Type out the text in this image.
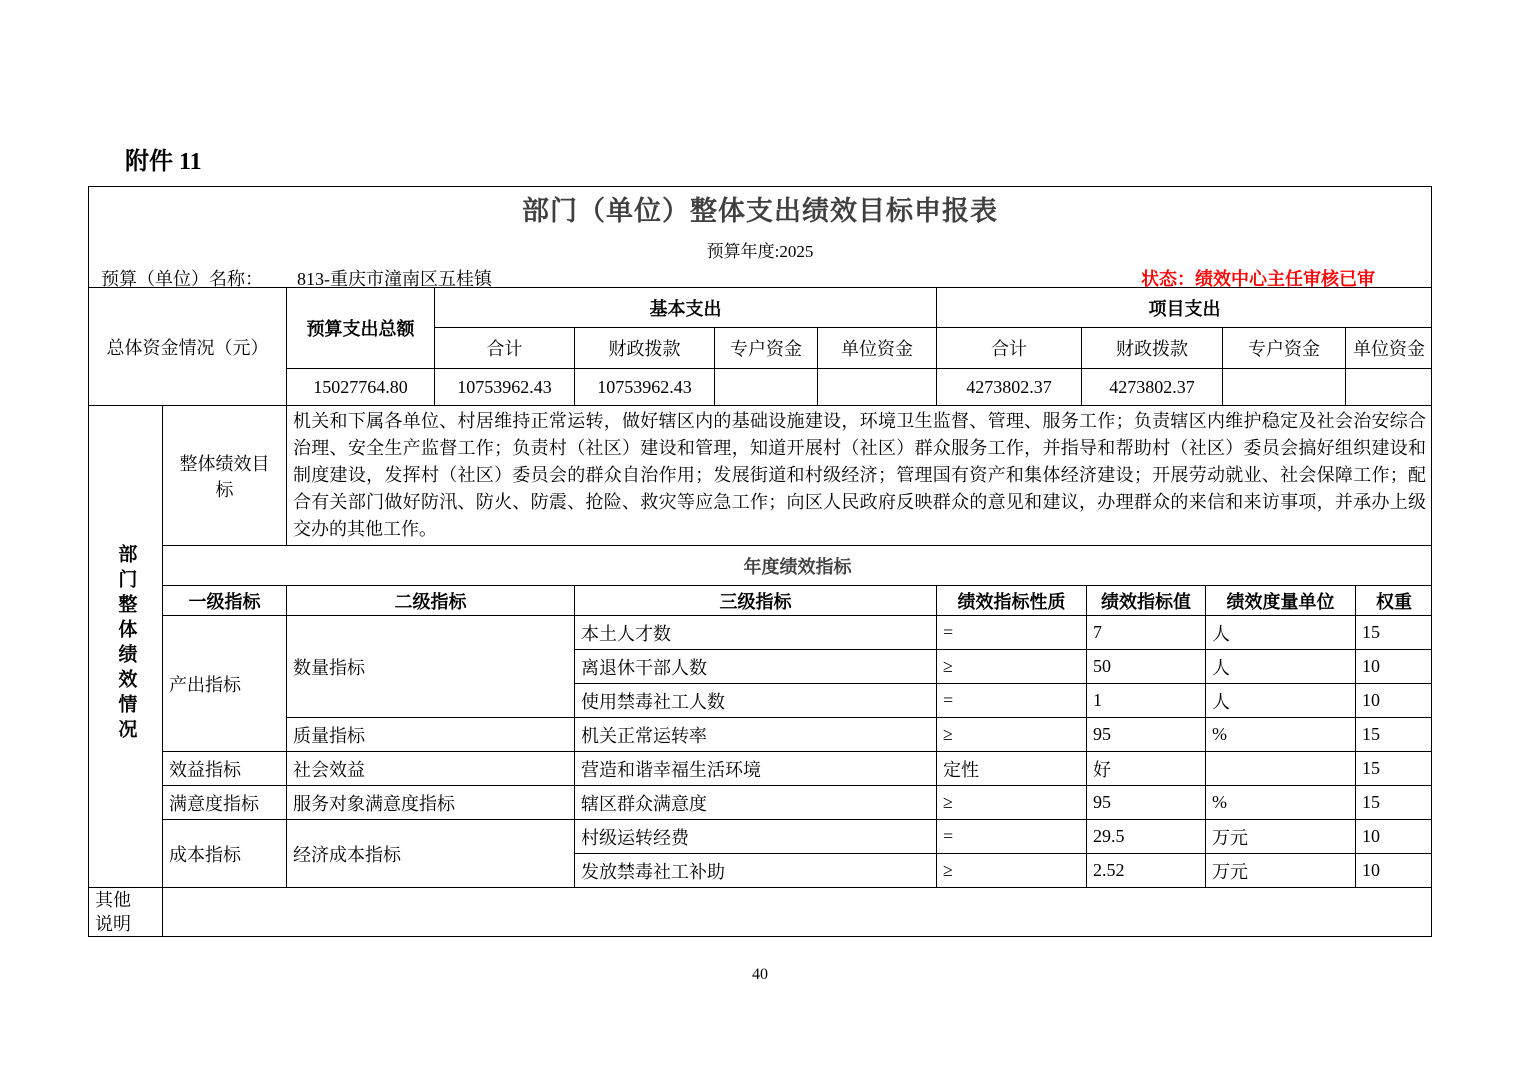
附件 11
部门（单位）整体支出绩效目标申报表
预算年度:2025
预算（单位）名称： 813-重庆市潼南区五桂镇	状态：绩效中心主任审核已审
总体资金情况（元）	预算支出总额	基本支出				项目支出			
		合计	财政拨款	专户资金	单位资金	合计	财政拨款	专户资金	单位资金
	15027764.80	10753962.43	10753962.43			4273802.37	4273802.37		
部门整体绩效情况	整体绩效目标	机关和下属各单位、村居维持正常运转，做好辖区内的基础设施建设，环境卫生监督、管理、服务工作；负责辖区内维护稳定及社会治安综合治理、安全生产监督工作；负责村（社区）建设和管理，知道开展村（社区）群众服务工作，并指导和帮助村（社区）委员会搞好组织建设和制度建设，发挥村（社区）委员会的群众自治作用；发展街道和村级经济；管理国有资产和集体经济建设；开展劳动就业、社会保障工作；配合有关部门做好防汛、防火、防震、抢险、救灾等应急工作；向区人民政府反映群众的意见和建议，办理群众的来信和来访事项，并承办上级交办的其他工作。					
	年度绩效指标						
	一级指标	二级指标	三级指标	绩效指标性质	绩效指标值	绩效度量单位	权重
	产出指标	数量指标	本土人才数	=	7	人	15
			离退休干部人数	≥	50	人	10
			使用禁毒社工人数	=	1	人	10
		质量指标	机关正常运转率	≥	95	%	15
	效益指标	社会效益	营造和谐幸福生活环境	定性	好		15
	满意度指标	服务对象满意度指标	辖区群众满意度	≥	95	%	15
	成本指标	经济成本指标	村级运转经费	=	29.5	万元	10
			发放禁毒社工补助	≥	2.52	万元	10
其他说明							
40
